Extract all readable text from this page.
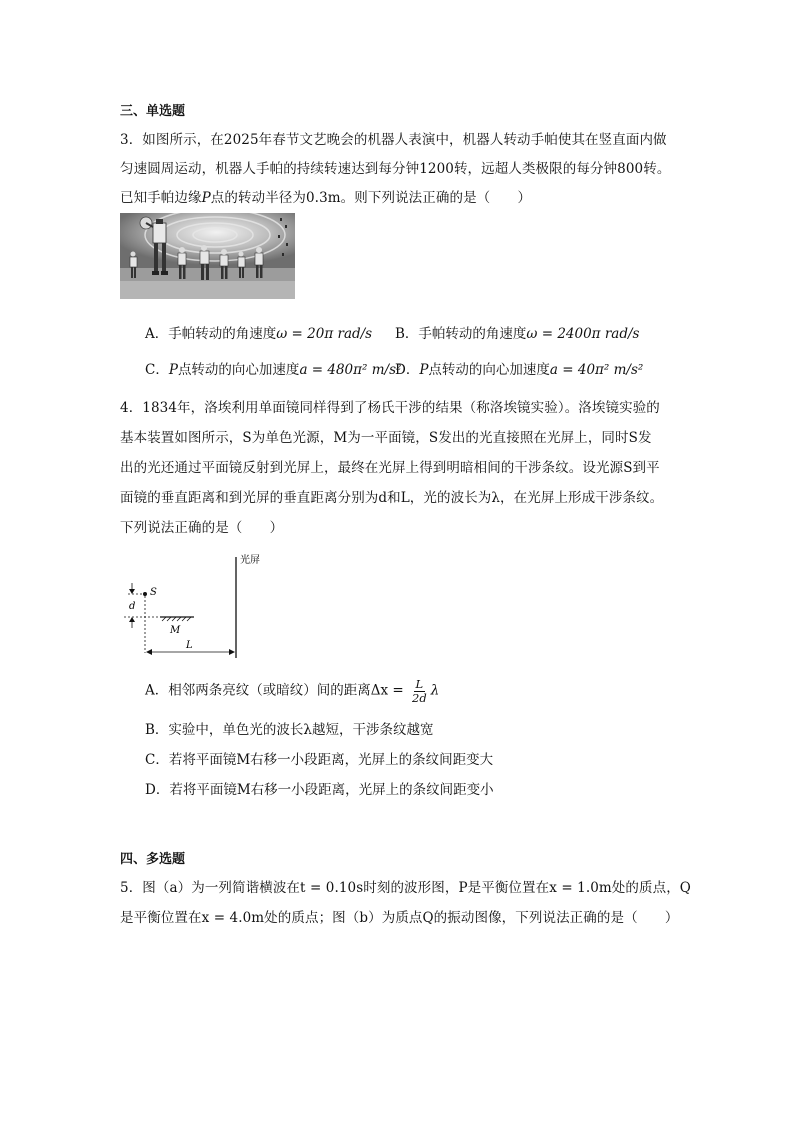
三、单选题
3．如图所示，在2025年春节文艺晚会的机器人表演中，机器人转动手帕使其在竖直面内做
匀速圆周运动，机器人手帕的持续转速达到每分钟1200转，远超人类极限的每分钟800转。
已知手帕边缘P点的转动半径为0.3m。则下列说法正确的是（　　）
A．手帕转动的角速度ω = 20π rad/s B．手帕转动的角速度ω = 2400π rad/s
C．P点转动的向心加速度a = 480π² m/s²
D．P点转动的向心加速度a = 40π² m/s²
4．1834年，洛埃利用单面镜同样得到了杨氏干涉的结果（称洛埃镜实验）。洛埃镜实验的
基本装置如图所示，S为单色光源，M为一平面镜，S发出的光直接照在光屏上，同时S发
出的光还通过平面镜反射到光屏上，最终在光屏上得到明暗相间的干涉条纹。设光源S到平
面镜的垂直距离和到光屏的垂直距离分别为d和L，光的波长为λ，在光屏上形成干涉条纹。
下列说法正确的是（　　）
光屏
S
d
M
L
A．相邻两条亮纹（或暗纹）间的距离$\Delta x = \frac{L}{2d}$ λ
B．实验中，单色光的波长λ越短，干涉条纹越宽
C．若将平面镜M右移一小段距离，光屏上的条纹间距变大
D．若将平面镜M右移一小段距离，光屏上的条纹间距变小
四、多选题
5．图（a）为一列简谐横波在t = 0.10s时刻的波形图，P是平衡位置在x = 1.0m处的质点，Q
是平衡位置在x = 4.0m处的质点；图（b）为质点Q的振动图像，下列说法正确的是（　　）
